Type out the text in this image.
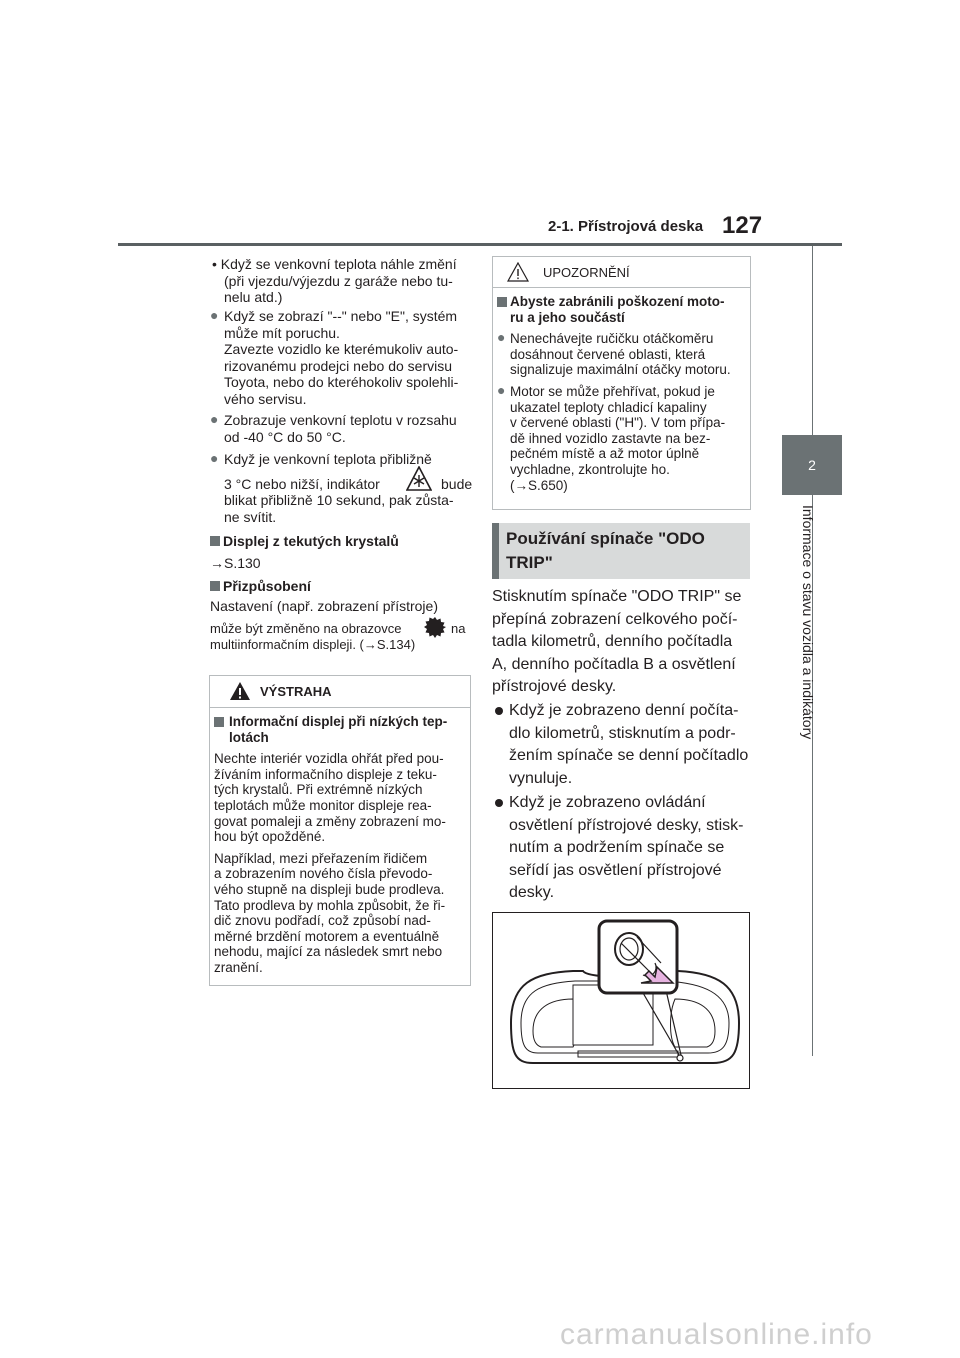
2-1. Přístrojová deska 127
2
Informace o stavu vozidla a indikátory
• Když se venkovní teplota náhle změní
(při vjezdu/výjezdu z garáže nebo tu-
nelu atd.)
● Když se zobrazí "--" nebo "E", systém
může mít poruchu.
Zavezte vozidlo ke kterémukoliv auto-
rizovanému prodejci nebo do servisu
Toyota, nebo do kteréhokoliv spolehli-
vého servisu.
● Zobrazuje venkovní teplotu v rozsahu
od -40 °C do 50 °C.
● Když je venkovní teplota přibližně
3 °C nebo nižší, indikátor	bude
blikat přibližně 10 sekund, pak zůsta-
ne svítit.
Displej z tekutých krystalů
→S.130
Přizpůsobení
Nastavení (např. zobrazení přístroje)
může být změněno na obrazovce	na
multiinformačním displeji. (→S.134)
VÝSTRAHA
Informační displej při nízkých tep-
lotách
Nechte interiér vozidla ohřát před pou-
žíváním informačního displeje z teku-
tých krystalů. Při extrémně nízkých
teplotách může monitor displeje rea-
govat pomaleji a změny zobrazení mo-
hou být opožděné.
Například, mezi přeřazením řidičem
a zobrazením nového čísla převodo-
vého stupně na displeji bude prodleva.
Tato prodleva by mohla způsobit, že ři-
dič znovu podřadí, což způsobí nad-
měrné brzdění motorem a eventuálně
nehodu, mající za následek smrt nebo
zranění.
UPOZORNĚNÍ
Abyste zabránili poškození moto-
ru a jeho součástí
● Nenechávejte ručičku otáčkoměru
dosáhnout červené oblasti, která
signalizuje maximální otáčky motoru.
● Motor se může přehřívat, pokud je
ukazatel teploty chladicí kapaliny
v červené oblasti ("H"). V tom přípa-
dě ihned vozidlo zastavte na bez-
pečném místě a až motor úplně
vychladne, zkontrolujte ho.
(→S.650)
Používání spínače "ODO
TRIP"
Stisknutím spínače "ODO TRIP" se
přepíná zobrazení celkového počí-
tadla kilometrů, denního počítadla
A, denního počítadla B a osvětlení
přístrojové desky.
Když je zobrazeno denní počíta-
dlo kilometrů, stisknutím a podr-
žením spínače se denní počítadlo
vynuluje.
Když je zobrazeno ovládání
osvětlení přístrojové desky, stisk-
nutím a podržením spínače se
seřídí jas osvětlení přístrojové
desky.
carmanualsonline.info
